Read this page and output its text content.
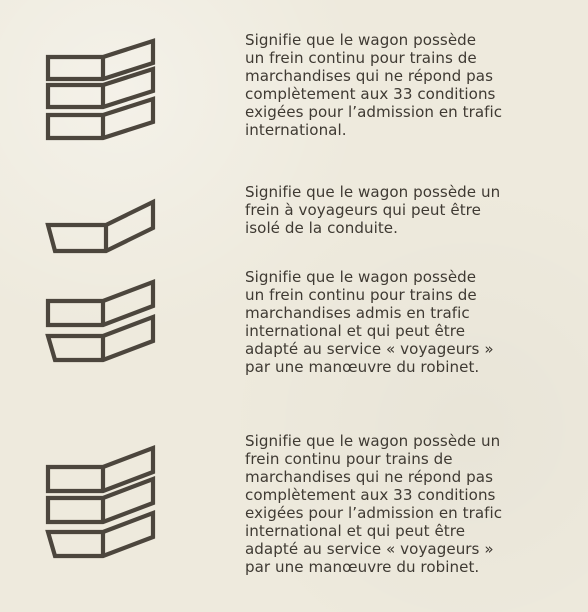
Signifie que le wagon possède
un frein continu pour trains de
marchandises qui ne répond pas
complètement aux 33 conditions
exigées pour l’admission en trafic
international.
Signifie que le wagon possède un
frein à voyageurs qui peut être
isolé de la conduite.
Signifie que le wagon possède
un frein continu pour trains de
marchandises admis en trafic
international et qui peut être
adapté au service « voyageurs »
par une manœuvre du robinet.
Signifie que le wagon possède un
frein continu pour trains de
marchandises qui ne répond pas
complètement aux 33 conditions
exigées pour l’admission en trafic
international et qui peut être
adapté au service « voyageurs »
par une manœuvre du robinet.
